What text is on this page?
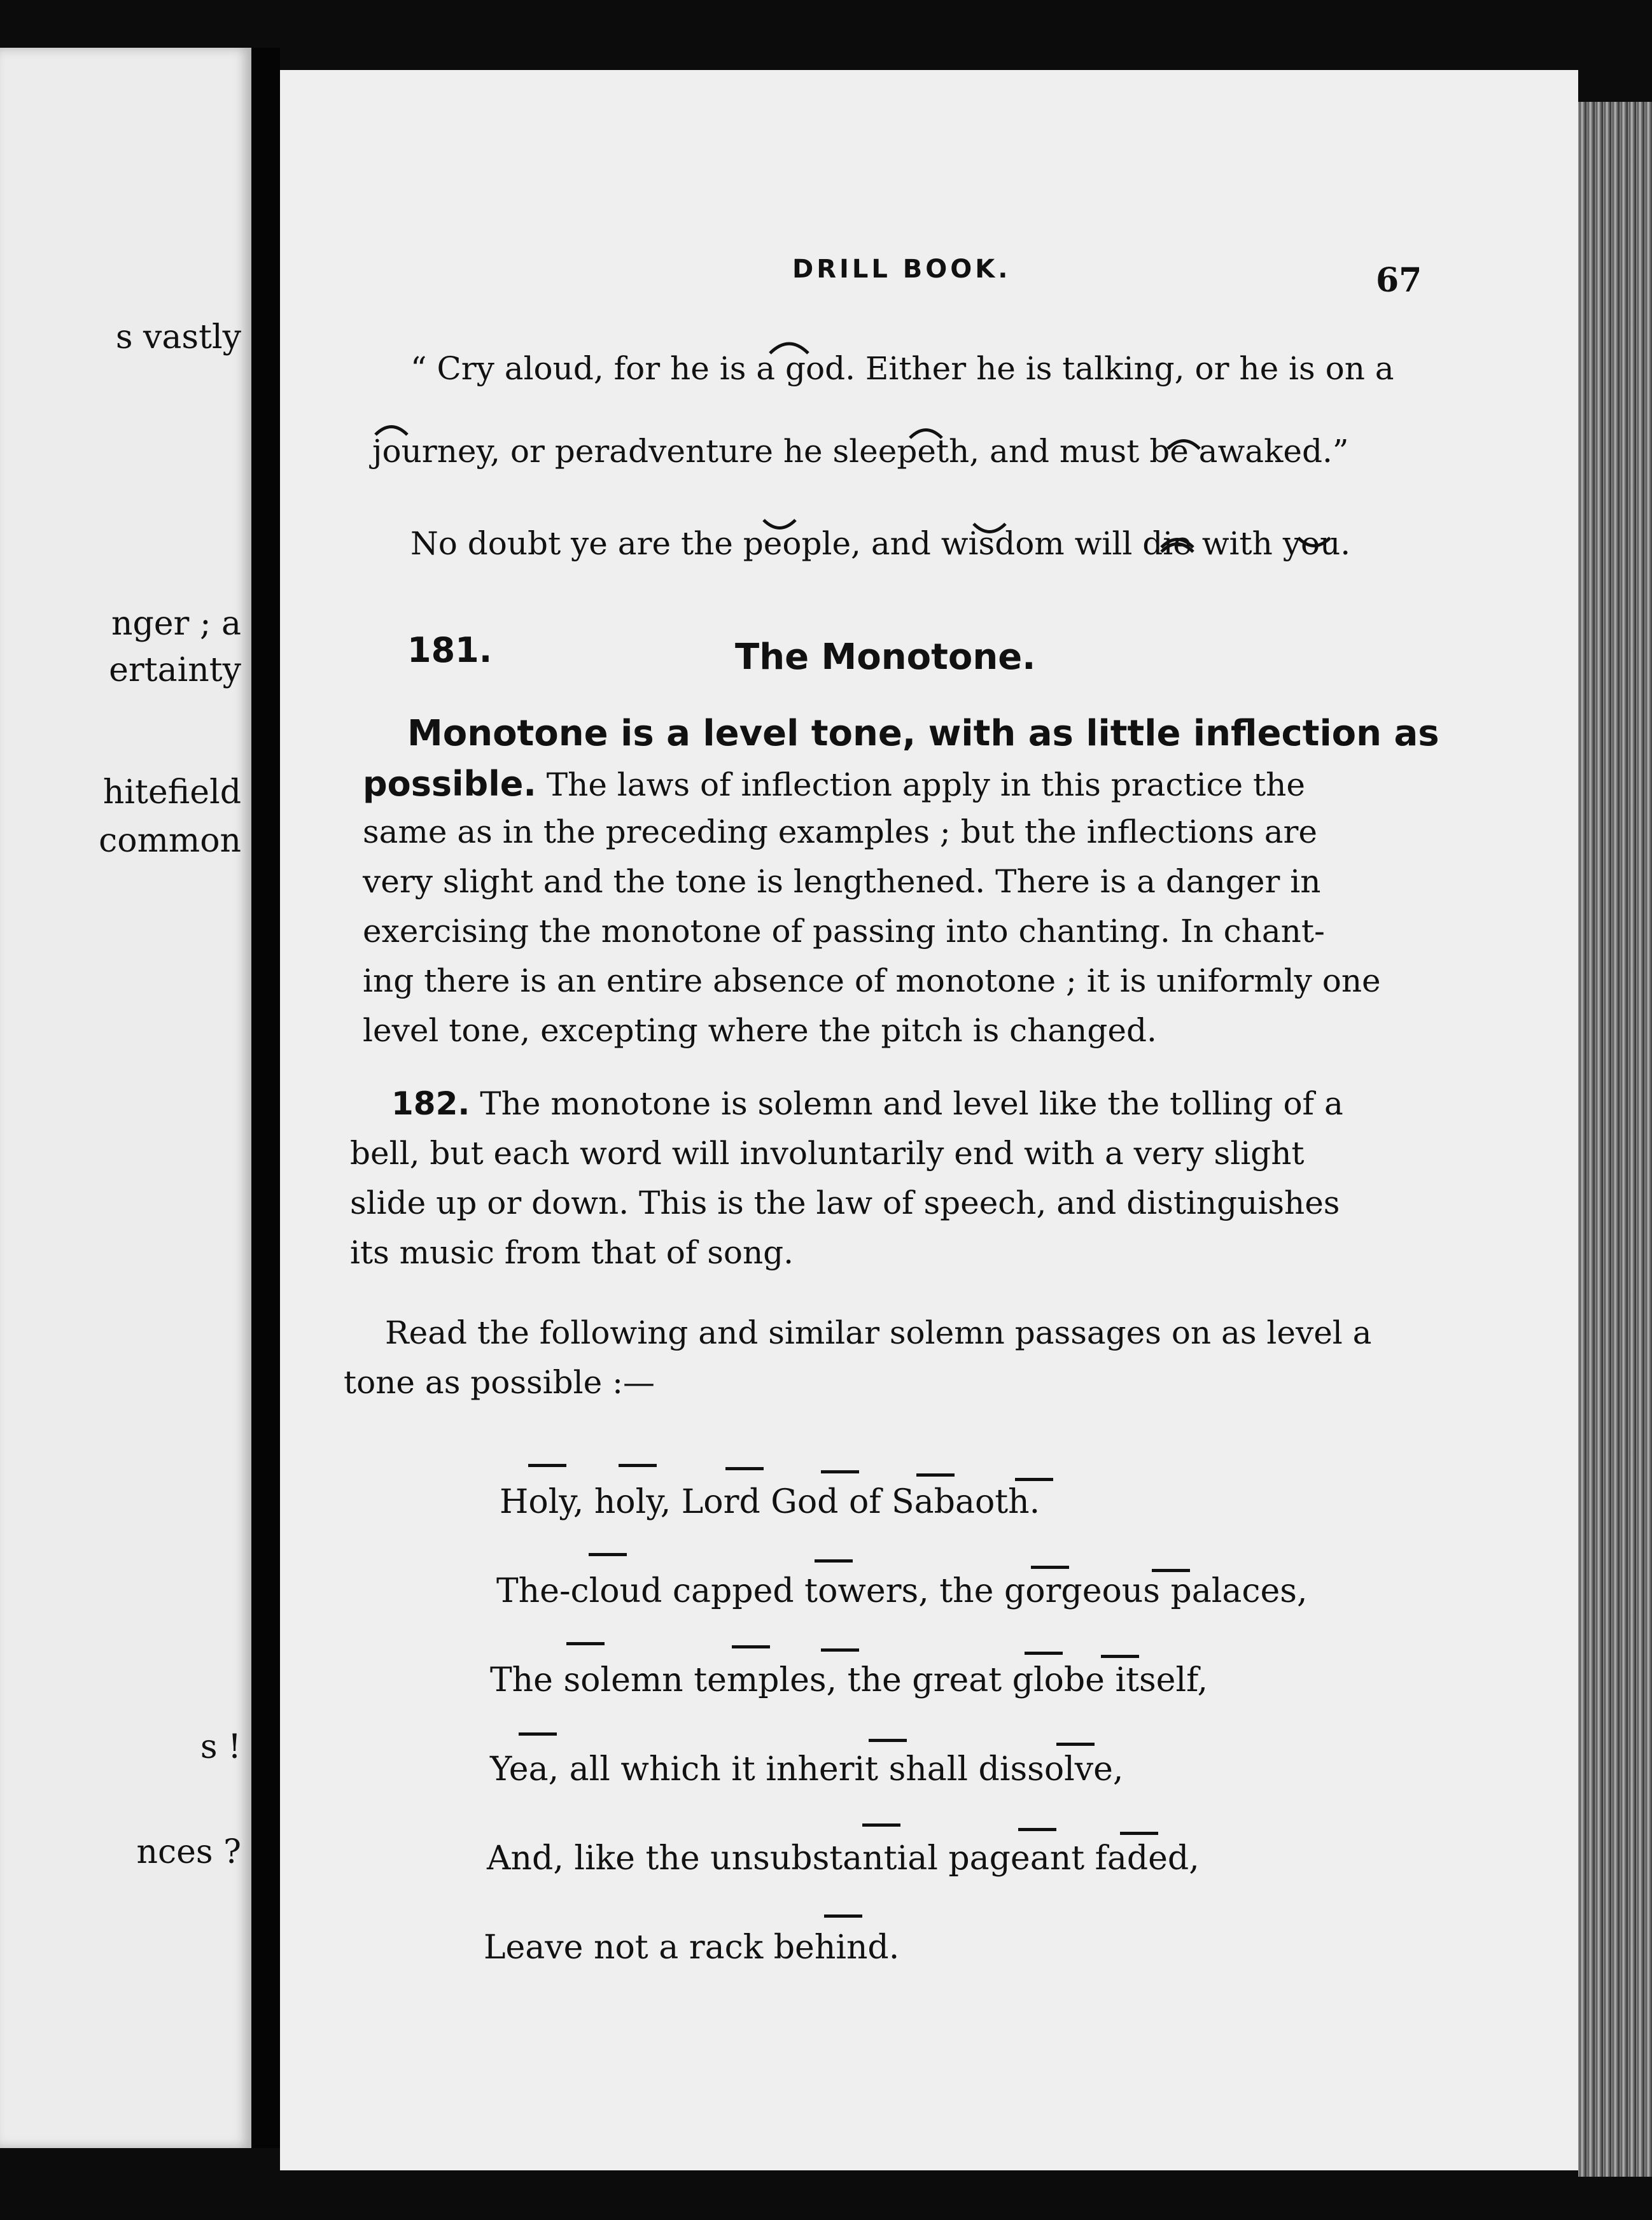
s vastly
nger ; a
ertainty
hitefield
common
s !
nces ?
DRILL BOOK.	67
“ Cry aloud, for he is a god. Either he is talking, or he is on a
journey, or peradventure he sleepeth, and must be awaked.”
No doubt ye are the people, and wisdom will die with you.
181.	The Monotone.
Monotone is a level tone, with as little inflection as
possible. The laws of inflection apply in this practice the
same as in the preceding examples ; but the inflections are
very slight and the tone is lengthened. There is a danger in
exercising the monotone of passing into chanting. In chant-
ing there is an entire absence of monotone ; it is uniformly one
level tone, excepting where the pitch is changed.
182. The monotone is solemn and level like the tolling of a
bell, but each word will involuntarily end with a very slight
slide up or down. This is the law of speech, and distinguishes
its music from that of song.
Read the following and similar solemn passages on as level a
tone as possible :—
Holy, holy, Lord God of Sabaoth.
The-cloud capped towers, the gorgeous palaces,
The solemn temples, the great globe itself,
Yea, all which it inherit shall dissolve,
And, like the unsubstantial pageant faded,
Leave not a rack behind.
